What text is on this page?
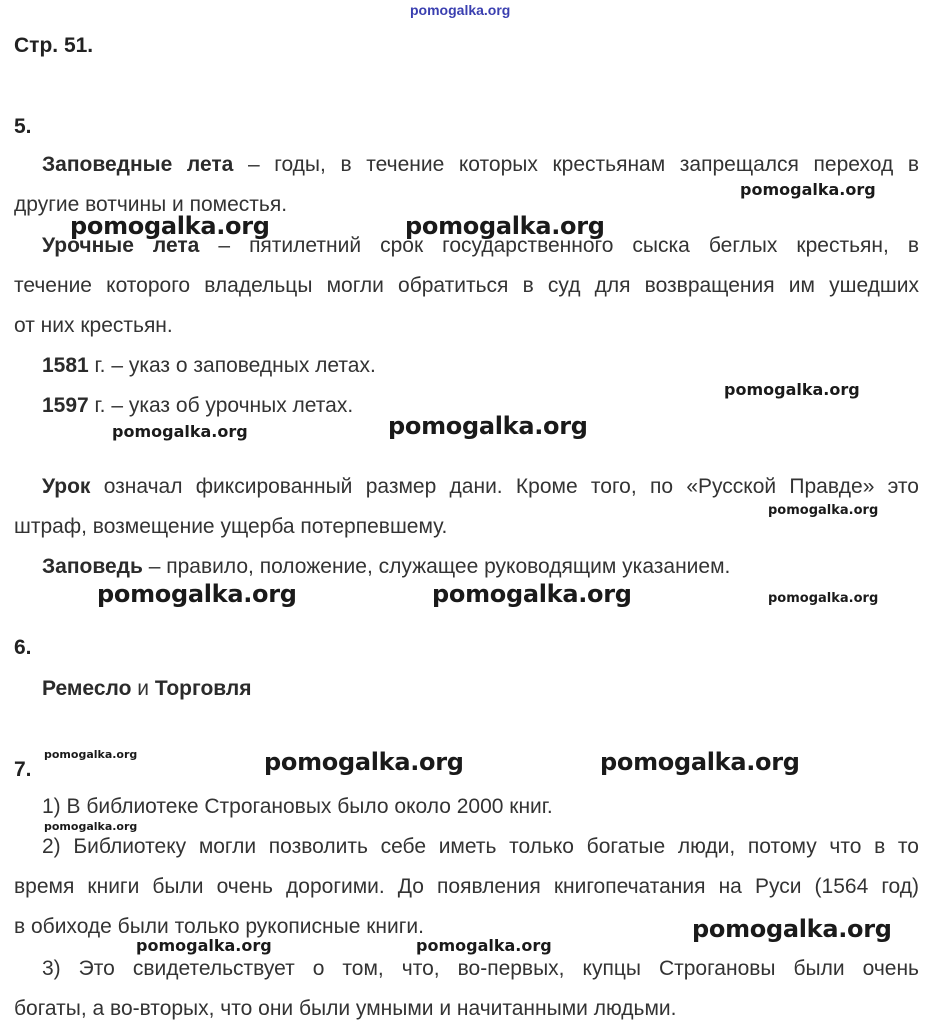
Стр. 51.
5.
Заповедные лета – годы, в течение которых крестьянам запрещался переход в
другие вотчины и поместья.
Урочные лета – пятилетний срок государственного сыска беглых крестьян, в
течение которого владельцы могли обратиться в суд для возвращения им ушедших
от них крестьян.
1581 г. – указ о заповедных летах.
1597 г. – указ об урочных летах.
Урок означал фиксированный размер дани. Кроме того, по «Русской Правде» это
штраф, возмещение ущерба потерпевшему.
Заповедь – правило, положение, служащее руководящим указанием.
6.
Ремесло и Торговля
7.
1) В библиотеке Строгановых было около 2000 книг.
2) Библиотеку могли позволить себе иметь только богатые люди, потому что в то
время книги были очень дорогими. До появления книгопечатания на Руси (1564 год)
в обиходе были только рукописные книги.
3) Это свидетельствует о том, что, во-первых, купцы Строгановы были очень
богаты, а во-вторых, что они были умными и начитанными людьми.
pomogalka.org
pomogalka.org
pomogalka.org	pomogalka.org
pomogalka.org
pomogalka.org	pomogalka.org
pomogalka.org
pomogalka.org	pomogalka.org	pomogalka.org
pomogalka.org	pomogalka.org	pomogalka.org
pomogalka.org
pomogalka.org
pomogalka.org	pomogalka.org
